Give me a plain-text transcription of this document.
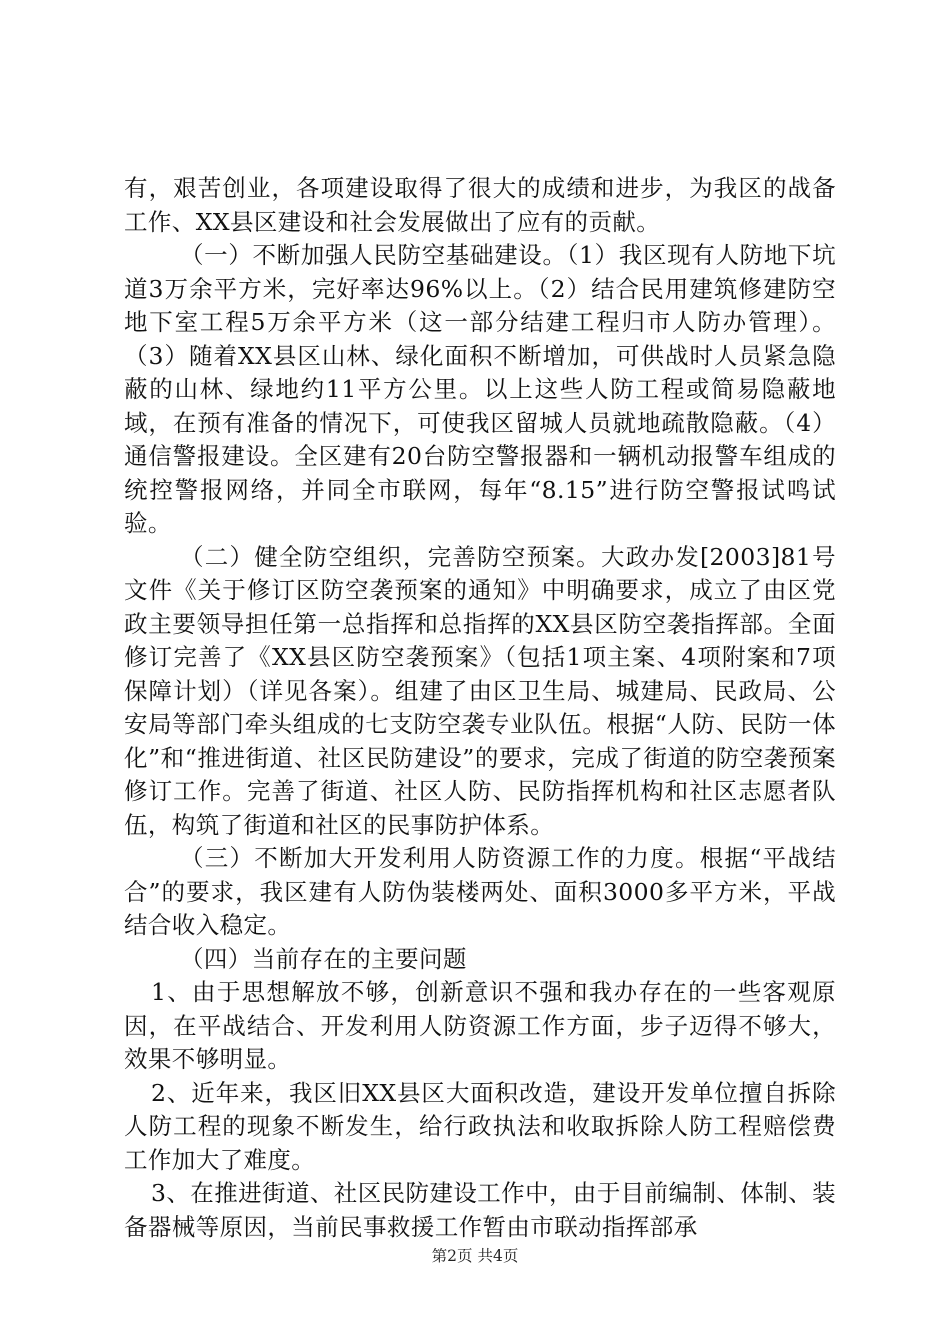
有，艰苦创业，各项建设取得了很大的成绩和进步，为我区的战备工作、XX县区建设和社会发展做出了应有的贡献。

（一）不断加强人民防空基础建设。（1）我区现有人防地下坑道3万余平方米，完好率达96%以上。（2）结合民用建筑修建防空地下室工程5万余平方米（这一部分结建工程归市人防办管理）。（3）随着XX县区山林、绿化面积不断增加，可供战时人员紧急隐蔽的山林、绿地约11平方公里。以上这些人防工程或简易隐蔽地域，在预有准备的情况下，可使我区留城人员就地疏散隐蔽。（4）通信警报建设。全区建有20台防空警报器和一辆机动报警车组成的统控警报网络，并同全市联网，每年“8.15”进行防空警报试鸣试验。

（二）健全防空组织，完善防空预案。大政办发[2003]81号文件《关于修订区防空袭预案的通知》中明确要求，成立了由区党政主要领导担任第一总指挥和总指挥的XX县区防空袭指挥部。全面修订完善了《XX县区防空袭预案》（包括1项主案、4项附案和7项保障计划）（详见各案）。组建了由区卫生局、城建局、民政局、公安局等部门牵头组成的七支防空袭专业队伍。根据“人防、民防一体化”和“推进街道、社区民防建设”的要求，完成了街道的防空袭预案修订工作。完善了街道、社区人防、民防指挥机构和社区志愿者队伍，构筑了街道和社区的民事防护体系。

（三）不断加大开发利用人防资源工作的力度。根据“平战结合”的要求，我区建有人防伪装楼两处、面积3000多平方米，平战结合收入稳定。

（四）当前存在的主要问题

1、由于思想解放不够，创新意识不强和我办存在的一些客观原因，在平战结合、开发利用人防资源工作方面，步子迈得不够大，效果不够明显。

2、近年来，我区旧XX县区大面积改造，建设开发单位擅自拆除人防工程的现象不断发生，给行政执法和收取拆除人防工程赔偿费工作加大了难度。

3、在推进街道、社区民防建设工作中，由于目前编制、体制、装备器械等原因，当前民事救援工作暂由市联动指挥部承

第2页 共4页
